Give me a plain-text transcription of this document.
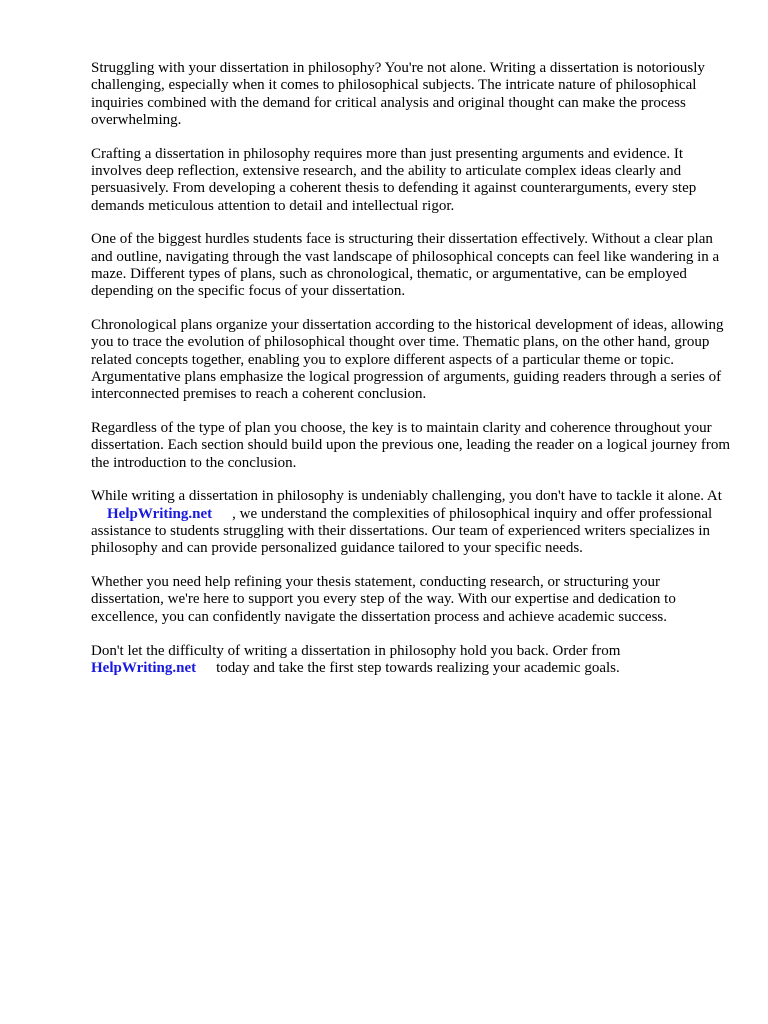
Struggling with your dissertation in philosophy? You're not alone. Writing a dissertation is notoriously challenging, especially when it comes to philosophical subjects. The intricate nature of philosophical inquiries combined with the demand for critical analysis and original thought can make the process overwhelming.

Crafting a dissertation in philosophy requires more than just presenting arguments and evidence. It involves deep reflection, extensive research, and the ability to articulate complex ideas clearly and persuasively. From developing a coherent thesis to defending it against counterarguments, every step demands meticulous attention to detail and intellectual rigor.

One of the biggest hurdles students face is structuring their dissertation effectively. Without a clear plan and outline, navigating through the vast landscape of philosophical concepts can feel like wandering in a maze. Different types of plans, such as chronological, thematic, or argumentative, can be employed depending on the specific focus of your dissertation.

Chronological plans organize your dissertation according to the historical development of ideas, allowing you to trace the evolution of philosophical thought over time. Thematic plans, on the other hand, group related concepts together, enabling you to explore different aspects of a particular theme or topic. Argumentative plans emphasize the logical progression of arguments, guiding readers through a series of interconnected premises to reach a coherent conclusion.

Regardless of the type of plan you choose, the key is to maintain clarity and coherence throughout your dissertation. Each section should build upon the previous one, leading the reader on a logical journey from the introduction to the conclusion.

While writing a dissertation in philosophy is undeniably challenging, you don't have to tackle it alone. At HelpWriting.net , we understand the complexities of philosophical inquiry and offer professional assistance to students struggling with their dissertations. Our team of experienced writers specializes in philosophy and can provide personalized guidance tailored to your specific needs.

Whether you need help refining your thesis statement, conducting research, or structuring your dissertation, we're here to support you every step of the way. With our expertise and dedication to excellence, you can confidently navigate the dissertation process and achieve academic success.

Don't let the difficulty of writing a dissertation in philosophy hold you back. Order from HelpWriting.net today and take the first step towards realizing your academic goals.
